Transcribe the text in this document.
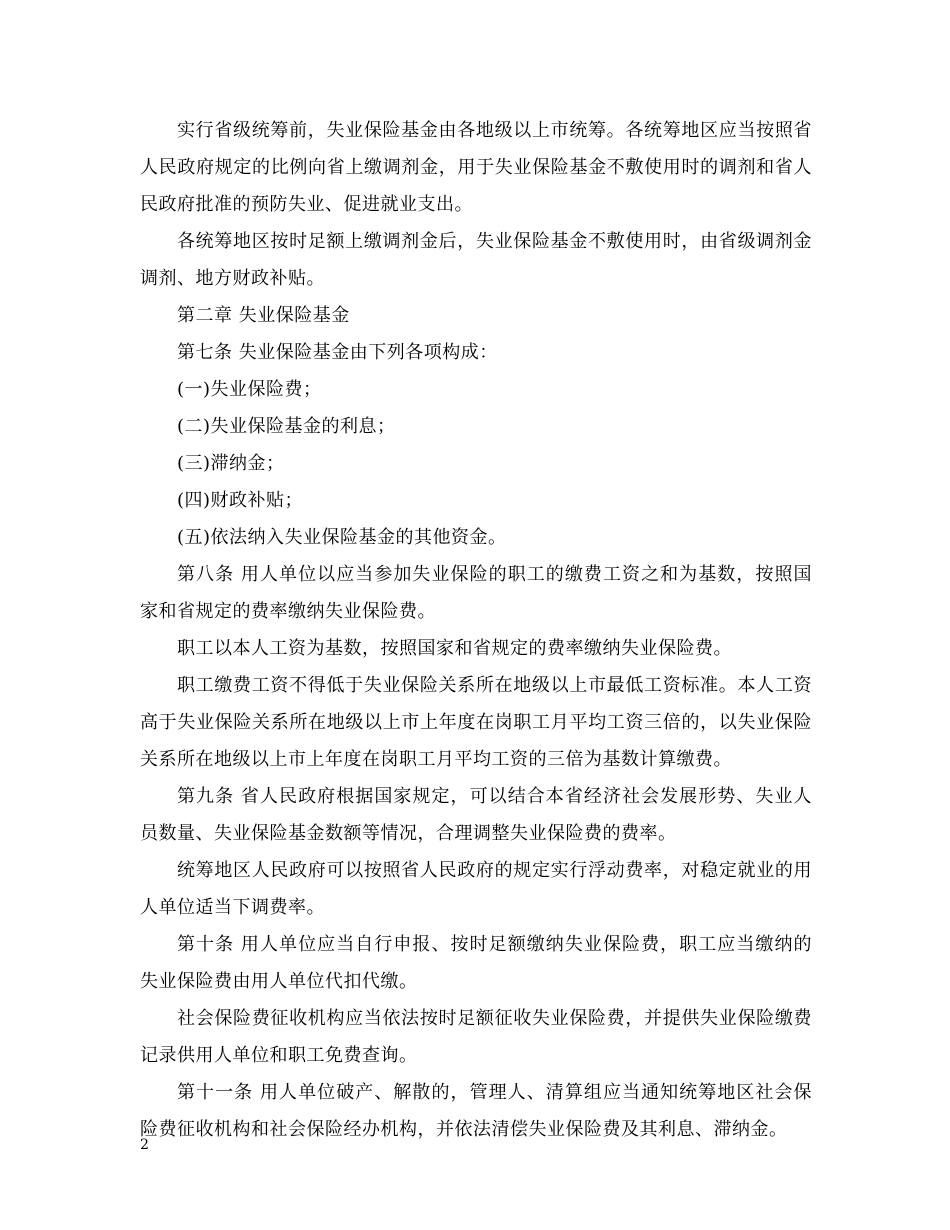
实行省级统筹前，失业保险基金由各地级以上市统筹。各统筹地区应当按照省人民政府规定的比例向省上缴调剂金，用于失业保险基金不敷使用时的调剂和省人民政府批准的预防失业、促进就业支出。

各统筹地区按时足额上缴调剂金后，失业保险基金不敷使用时，由省级调剂金调剂、地方财政补贴。

第二章 失业保险基金

第七条 失业保险基金由下列各项构成：

(一)失业保险费；

(二)失业保险基金的利息；

(三)滞纳金；

(四)财政补贴；

(五)依法纳入失业保险基金的其他资金。

第八条 用人单位以应当参加失业保险的职工的缴费工资之和为基数，按照国家和省规定的费率缴纳失业保险费。

职工以本人工资为基数，按照国家和省规定的费率缴纳失业保险费。

职工缴费工资不得低于失业保险关系所在地级以上市最低工资标准。本人工资高于失业保险关系所在地级以上市上年度在岗职工月平均工资三倍的，以失业保险关系所在地级以上市上年度在岗职工月平均工资的三倍为基数计算缴费。

第九条 省人民政府根据国家规定，可以结合本省经济社会发展形势、失业人员数量、失业保险基金数额等情况，合理调整失业保险费的费率。

统筹地区人民政府可以按照省人民政府的规定实行浮动费率，对稳定就业的用人单位适当下调费率。

第十条 用人单位应当自行申报、按时足额缴纳失业保险费，职工应当缴纳的失业保险费由用人单位代扣代缴。

社会保险费征收机构应当依法按时足额征收失业保险费，并提供失业保险缴费记录供用人单位和职工免费查询。

第十一条 用人单位破产、解散的，管理人、清算组应当通知统筹地区社会保险费征收机构和社会保险经办机构，并依法清偿失业保险费及其利息、滞纳金。

2
